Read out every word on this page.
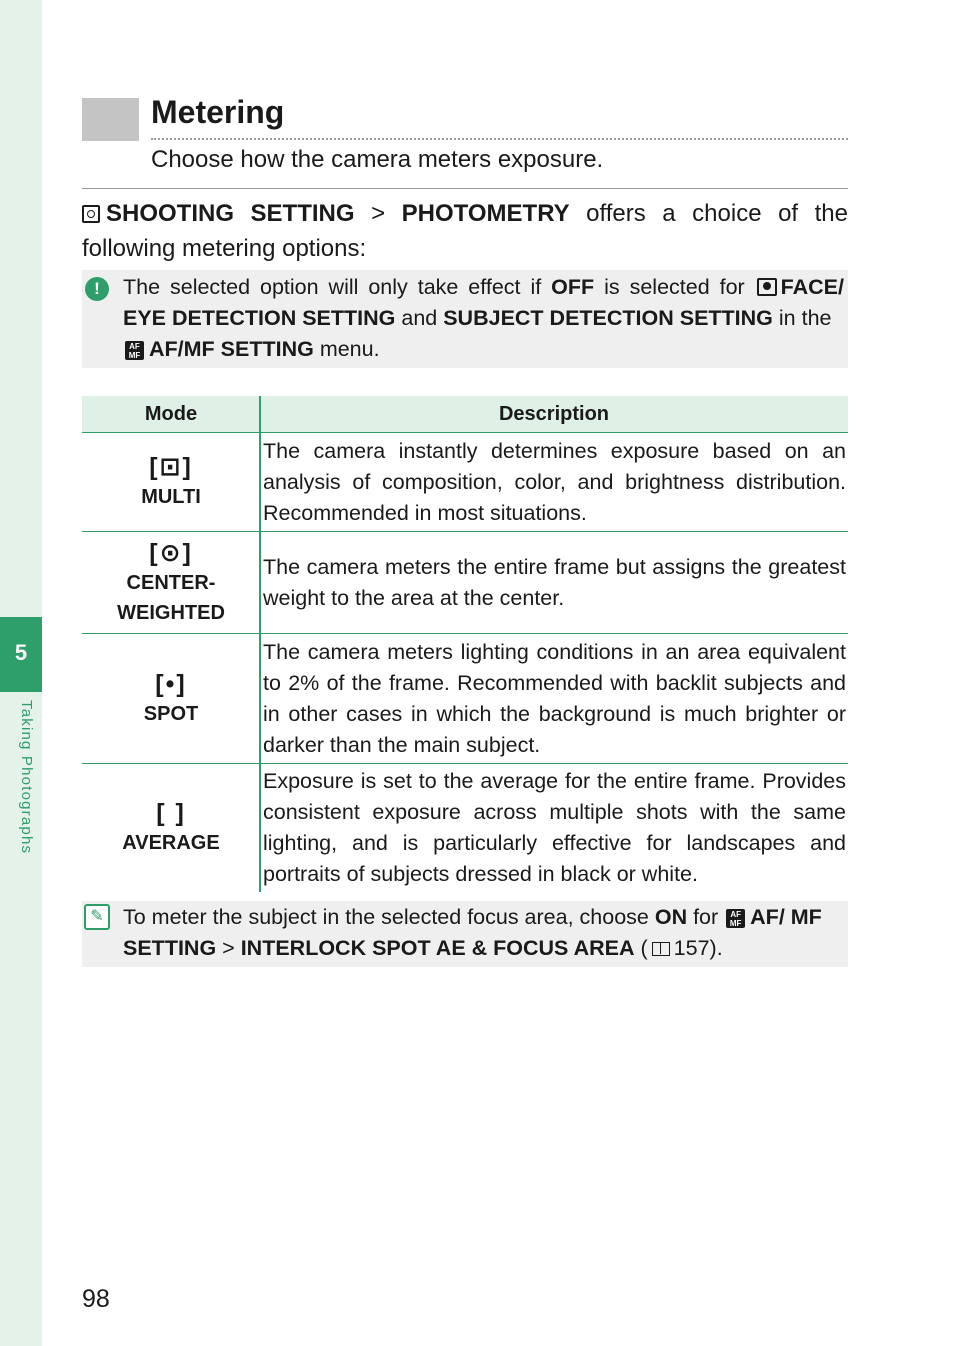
5
Taking Photographs
Metering
Choose how the camera meters exposure.
SHOOTING SETTING > PHOTOMETRY offers a choice of the following metering options:
!	The selected option will only take effect if OFF is selected for FACE/ EYE DETECTION SETTING and SUBJECT DETECTION SETTING in the
AF MF AF/MF SETTING menu.
Mode	Description
[⊡]
MULTI
The camera instantly determines exposure based on an analysis of composition, color, and brightness distribution. Recommended in most situations.
[⊙]
CENTER-WEIGHTED
The camera meters the entire frame but assigns the greatest weight to the area at the center.
[•]
SPOT
The camera meters lighting conditions in an area equivalent to 2% of the frame. Recommended with backlit subjects and in other cases in which the background is much brighter or darker than the main subject.
[ ]
AVERAGE
Exposure is set to the average for the entire frame. Provides consistent exposure across multiple shots with the same lighting, and is particularly effective for landscapes and portraits of subjects dressed in black or white.
✎ To meter the subject in the selected focus area, choose ON for AF MF AF/ MF SETTING > INTERLOCK SPOT AE & FOCUS AREA ( 157).
98
